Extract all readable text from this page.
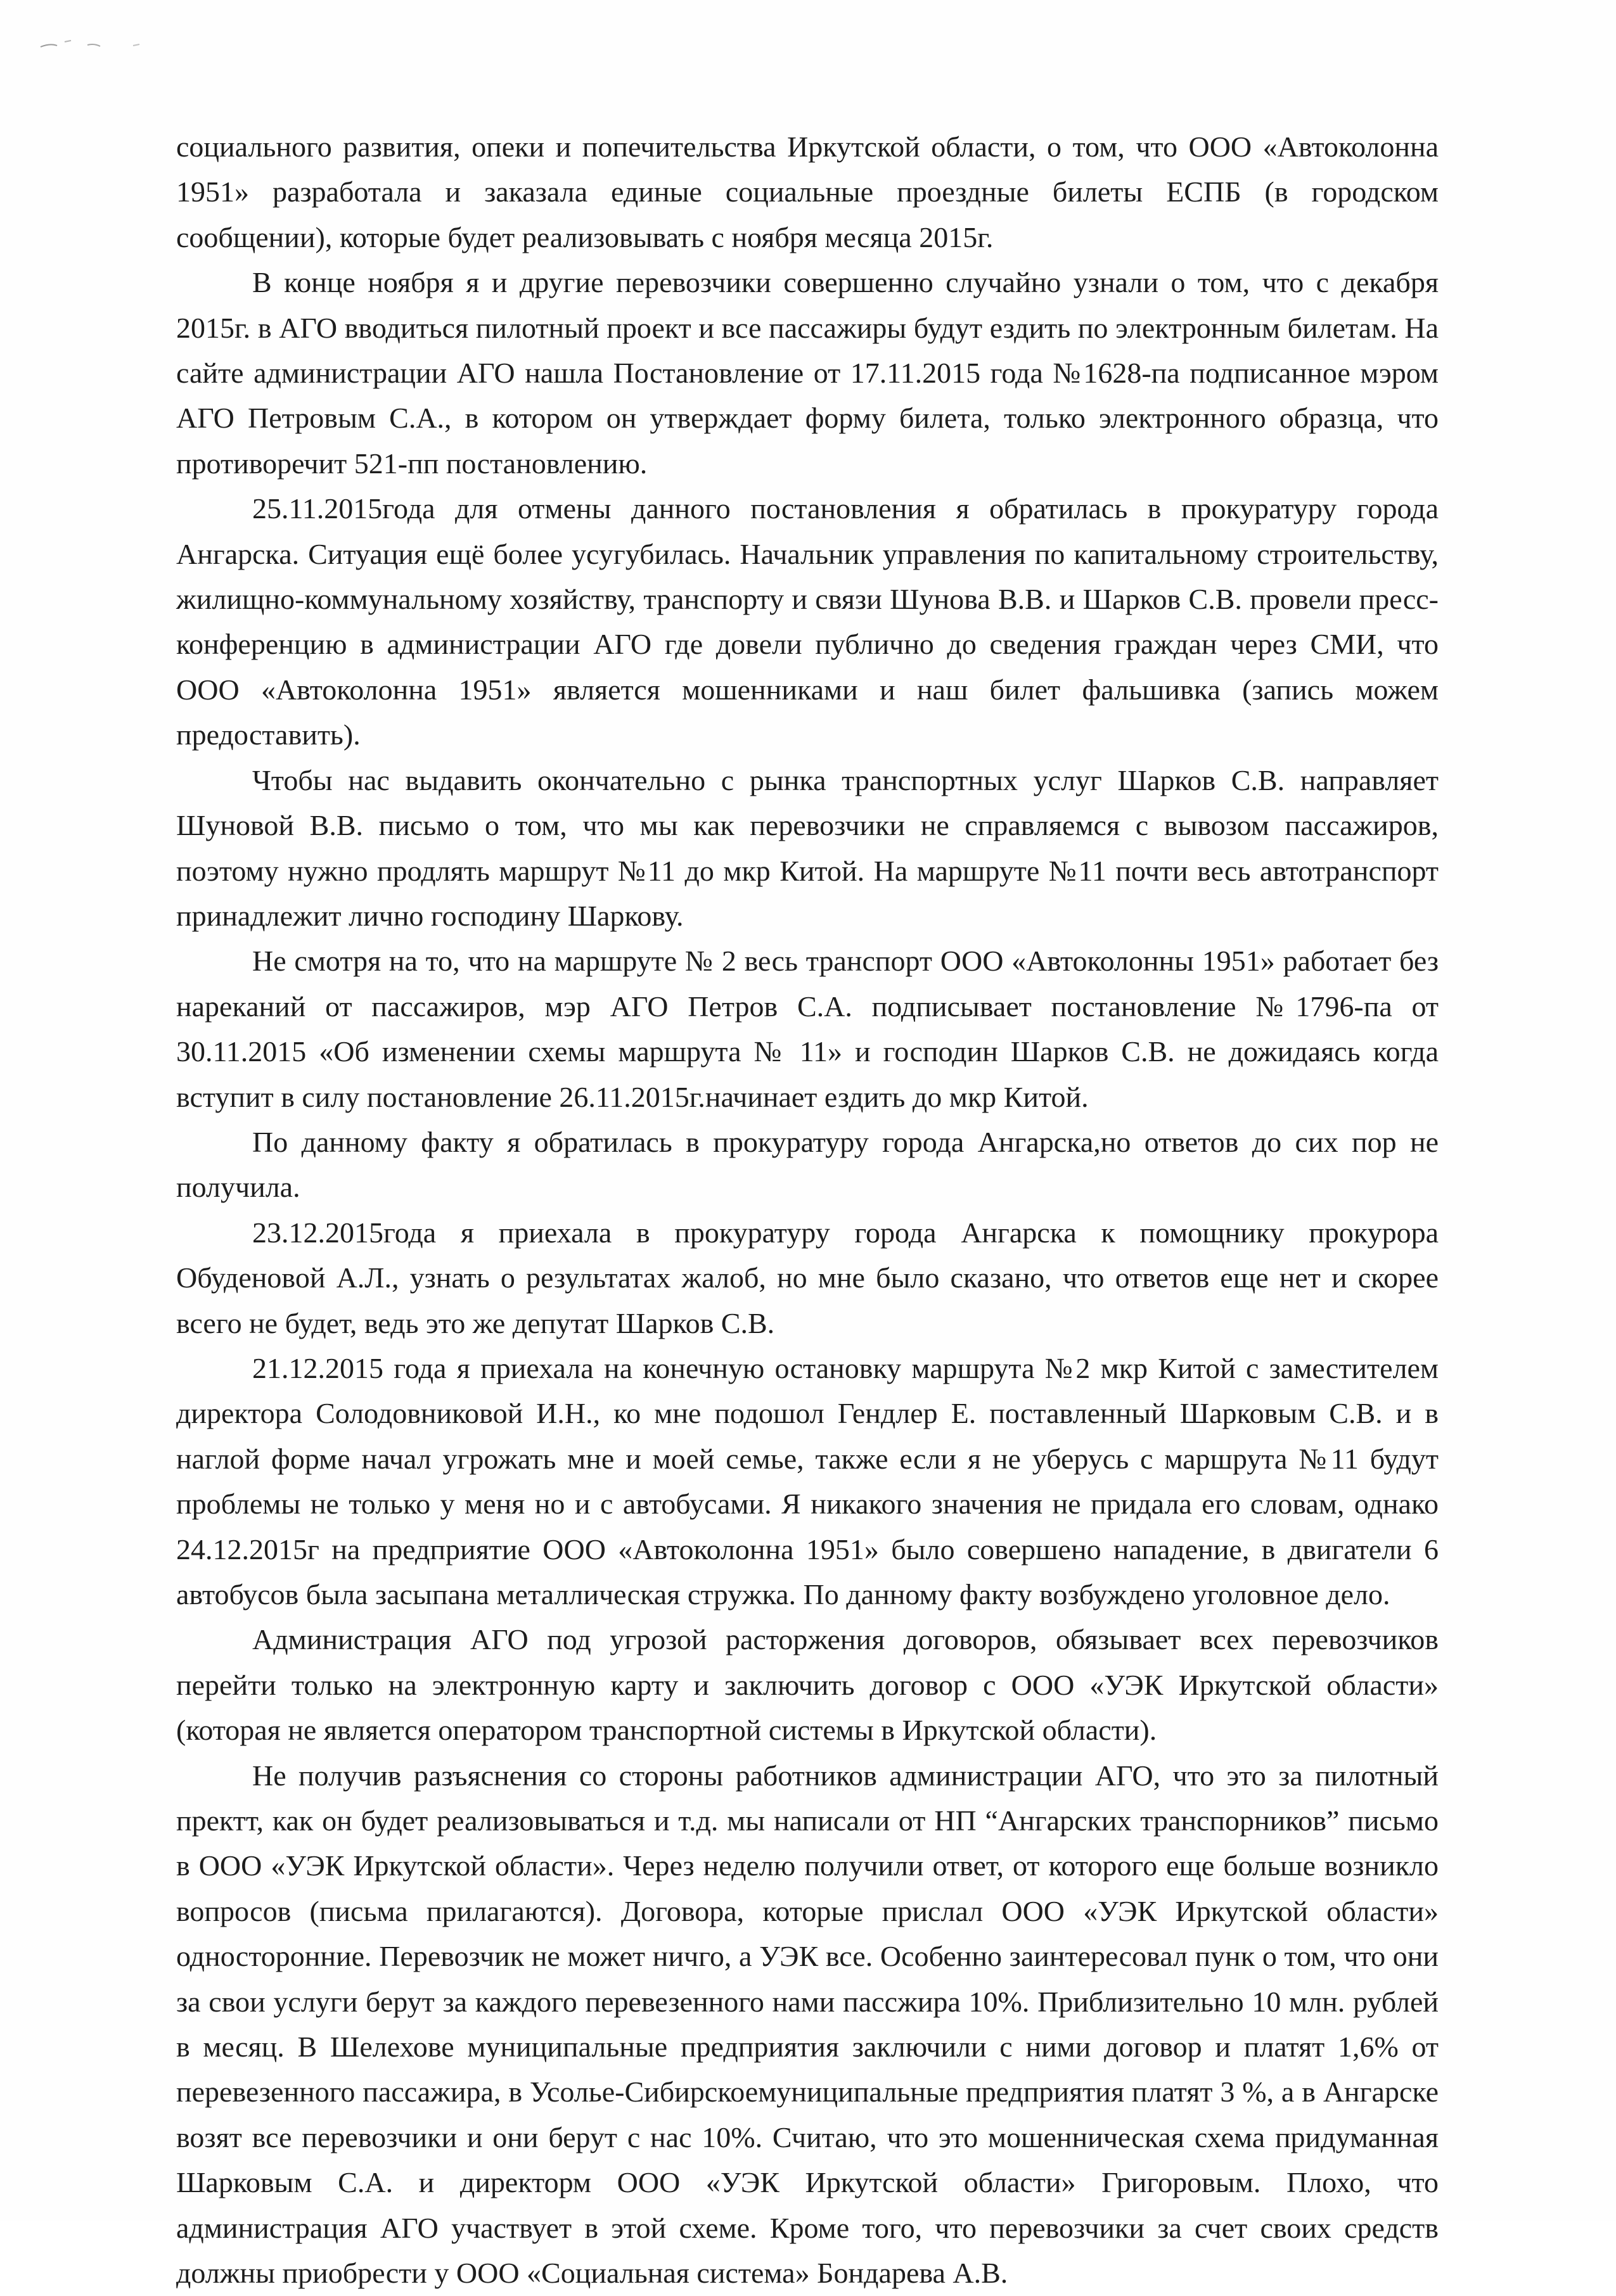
социального развития, опеки и попечительства Иркутской области, о том, что ООО «Автоколонна 1951» разработала и заказала единые социальные проездные билеты ЕСПБ (в городском сообщении), которые будет реализовывать с ноября месяца 2015г.

В конце ноября я и другие перевозчики совершенно случайно узнали о том, что с декабря 2015г. в АГО вводиться пилотный проект и все пассажиры будут ездить по электронным билетам. На сайте администрации АГО нашла Постановление от 17.11.2015 года №1628-па подписанное мэром АГО Петровым С.А., в котором он утверждает форму билета, только электронного образца, что противоречит 521-пп постановлению.

25.11.2015года для отмены данного постановления я обратилась в прокуратуру города Ангарска. Ситуация ещё более усугубилась. Начальник управления по капитальному строительству, жилищно-коммунальному хозяйству, транспорту и связи Шунова В.В. и Шарков С.В. провели пресс-конференцию в администрации АГО где довели публично до сведения граждан через СМИ, что ООО «Автоколонна 1951» является мошенниками и наш билет фальшивка (запись можем предоставить).

Чтобы нас выдавить окончательно с рынка транспортных услуг Шарков С.В. направляет Шуновой В.В. письмо о том, что мы как перевозчики не справляемся с вывозом пассажиров, поэтому нужно продлять маршрут №11 до мкр Китой. На маршруте №11 почти весь автотранспорт принадлежит лично господину Шаркову.

Не смотря на то, что на маршруте № 2 весь транспорт ООО «Автоколонны 1951» работает без нареканий от пассажиров, мэр АГО Петров С.А. подписывает постановление №1796-па от 30.11.2015 «Об изменении схемы маршрута № 11» и господин Шарков С.В. не дожидаясь когда вступит в силу постановление 26.11.2015г.начинает ездить до мкр Китой.

По данному факту я обратилась в прокуратуру города Ангарска,но ответов до сих пор не получила.

23.12.2015года я приехала в прокуратуру города Ангарска к помощнику прокурора Обуденовой А.Л., узнать о результатах жалоб, но мне было сказано, что ответов еще нет и скорее всего не будет, ведь это же депутат Шарков С.В.

21.12.2015 года я приехала на конечную остановку маршрута №2 мкр Китой с заместителем директора Солодовниковой И.Н., ко мне подошол Гендлер Е. поставленный Шарковым С.В. и в наглой форме начал угрожать мне и моей семье, также если я не уберусь с маршрута №11 будут проблемы не только у меня но и с автобусами. Я никакого значения не придала его словам, однако 24.12.2015г на предприятие ООО «Автоколонна 1951» было совершено нападение, в двигатели 6 автобусов была засыпана металлическая стружка. По данному факту возбуждено уголовное дело.

Администрация АГО под угрозой расторжения договоров, обязывает всех перевозчиков перейти только на электронную карту и заключить договор с ООО «УЭК Иркутской области» (которая не является оператором транспортной системы в Иркутской области).

Не получив разъяснения со стороны работников администрации АГО, что это за пилотный пректт, как он будет реализовываться и т.д. мы написали от НП “Ангарских транспорников” письмо в ООО «УЭК Иркутской области». Через неделю получили ответ, от которого еще больше возникло вопросов (письма прилагаются). Договора, которые прислал ООО «УЭК Иркутской области» односторонние. Перевозчик не может ничго, а УЭК все. Особенно заинтересовал пунк о том, что они за свои услуги берут за каждого перевезенного нами пассжира 10%. Приблизительно 10 млн. рублей в месяц. В Шелехове муниципальные предприятия заключили с ними договор и платят 1,6% от перевезенного пассажира, в Усолье-Сибирскоемуниципальные предприятия платят 3 %, а в Ангарске возят все перевозчики и они берут с нас 10%. Считаю, что это мошенническая схема придуманная Шарковым С.А. и директорм ООО «УЭК Иркутской области» Григоровым. Плохо, что администрация АГО участвует в этой схеме. Кроме того, что перевозчики за счет своих средств должны приобрести у ООО «Социальная система» Бондарева А.В.
